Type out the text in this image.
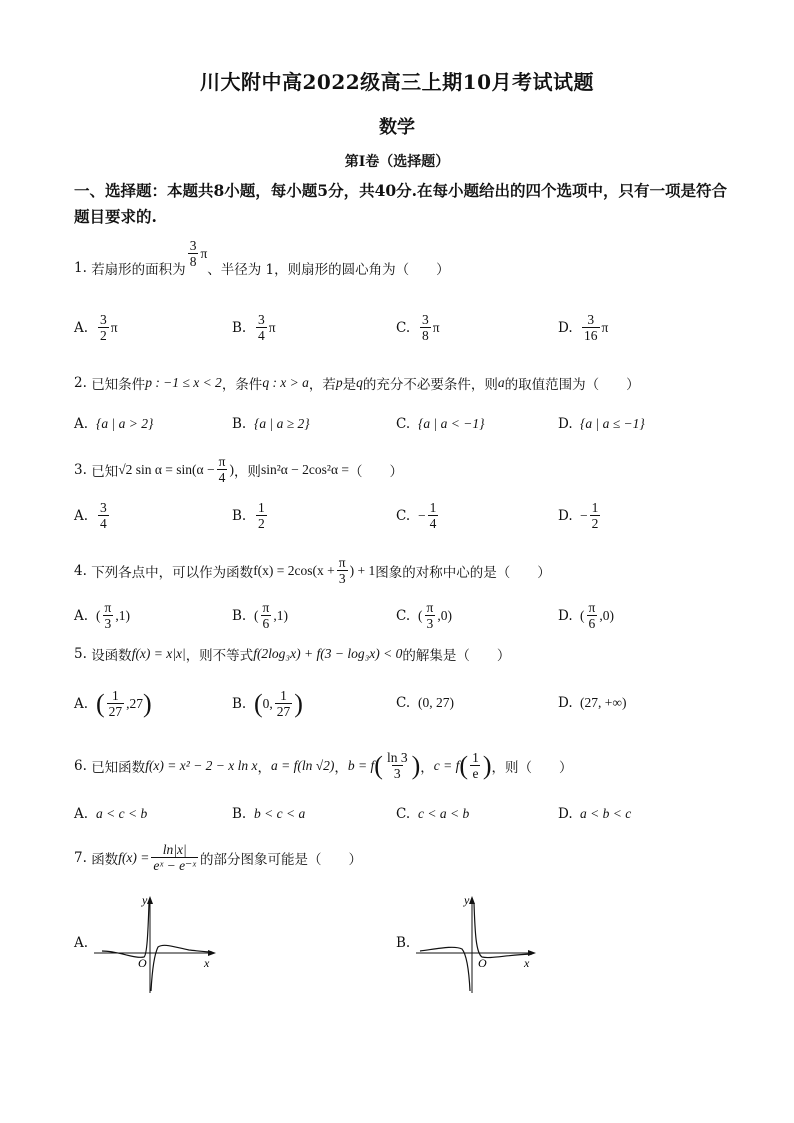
川大附中高2022级高三上期10月考试试题
数学
第Ⅰ卷（选择题）
一、选择题：本题共8小题，每小题5分，共40分.在每小题给出的四个选项中，只有一项是符合题目要求的.
1.
若扇形的面积为 $\frac{3}{8}$ π
、半径为 1，则扇形的圆心角为（　　）
A. $\frac{3}{2}$ π	B. $\frac{3}{4}$ π	C. $\frac{3}{8}$ π	D. $\frac{3}{16}$ π
2.
已知条件 p : −1 ≤ x < 2 ，条件 q : x > a ，若 p 是 q 的充分不必要条件，则 a 的取值范围为（　　）
A. {a | a > 2}	B. {a | a ≥ 2}	C. {a | a < −1}	D. {a | a ≤ −1}
3.
已知 √2 $\sin \alpha = \sin(\alpha - \frac{\pi}{4}$ ) ，则 sin²α − 2cos²α = （　　）
A. $\frac{3}{4}$	B. $\frac{1}{2}$	C. − $\frac{1}{4}$	D. − $\frac{1}{2}$
4.
下列各点中，可以作为函数 $f(x) = 2\cos(x + \frac{\pi}{3}$ ) + 1 图象的对称中心的是（　　）
A. ( $\frac{\pi}{3} ,1$)	B. ( $\frac{\pi}{6} ,1$)	C. ( $\frac{\pi}{3} ,0$)	D. ( $\frac{\pi}{6} ,0$)
5.
设函数 f(x) = x|x| ，则不等式 f(2log₃x) + f(3 − log₃x) < 0 的解集是（　　）
A. ( $\frac{1}{27} ,27$ )	B. ( 0, $\frac{1}{27}$ )	C. (0, 27)	D. (27, +∞)
6.
已知函数 f(x) = x² − 2 − x ln x ， a = f(ln √2) ， b = f ( $\frac{\ln 3}{3}$ ) ， c = f ( $\frac{1}{e}$ ) ，则（　　）
A. a < c < b	B. b < c < a	C. c < a < b	D. a < b < c
7.
函数 $f(x) = \frac{\ln|x|}{\text{eˣ − e⁻ˣ}}$ 的部分图象可能是（　　）
A.
y
O	x
B.
y
O	x
